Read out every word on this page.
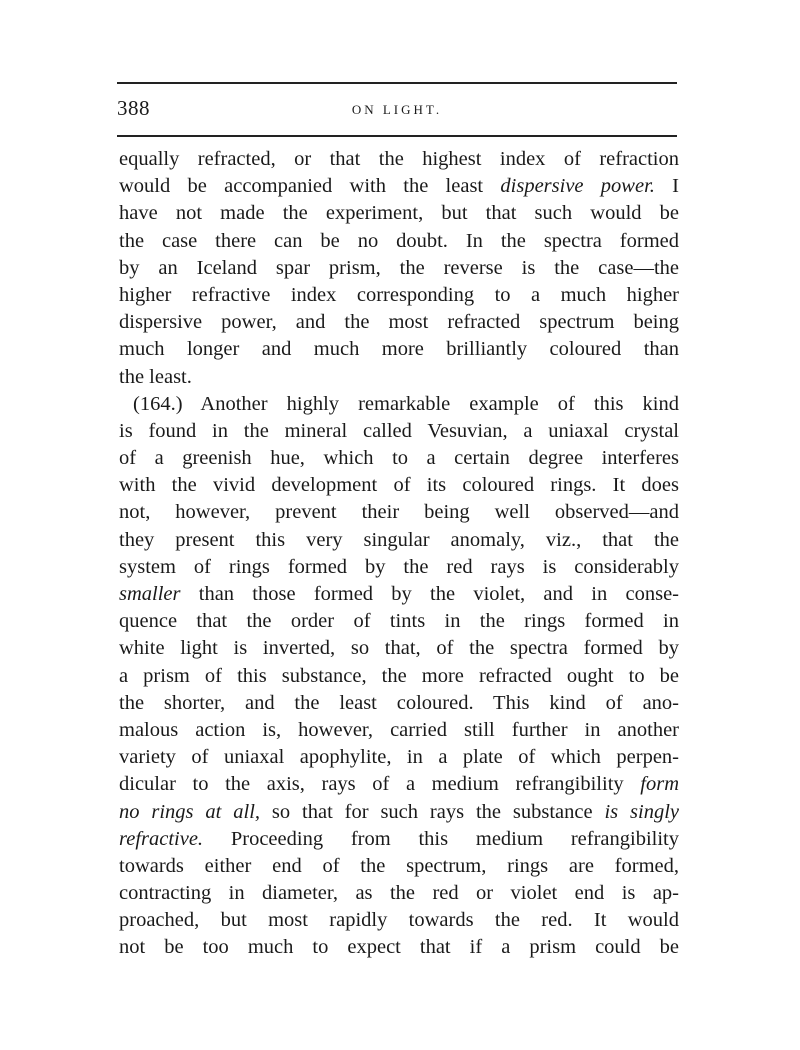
388	ON LIGHT.
equally refracted, or that the highest index of refraction
would be accompanied with the least dispersive power. I
have not made the experiment, but that such would be
the case there can be no doubt. In the spectra formed
by an Iceland spar prism, the reverse is the case—the
higher refractive index corresponding to a much higher
dispersive power, and the most refracted spectrum being
much longer and much more brilliantly coloured than
the least.
(164.) Another highly remarkable example of this kind
is found in the mineral called Vesuvian, a uniaxal crystal
of a greenish hue, which to a certain degree interferes
with the vivid development of its coloured rings. It does
not, however, prevent their being well observed—and
they present this very singular anomaly, viz., that the
system of rings formed by the red rays is considerably
smaller than those formed by the violet, and in conse-
quence that the order of tints in the rings formed in
white light is inverted, so that, of the spectra formed by
a prism of this substance, the more refracted ought to be
the shorter, and the least coloured. This kind of ano-
malous action is, however, carried still further in another
variety of uniaxal apophylite, in a plate of which perpen-
dicular to the axis, rays of a medium refrangibility form
no rings at all, so that for such rays the substance is singly
refractive. Proceeding from this medium refrangibility
towards either end of the spectrum, rings are formed,
contracting in diameter, as the red or violet end is ap-
proached, but most rapidly towards the red. It would
not be too much to expect that if a prism could be
